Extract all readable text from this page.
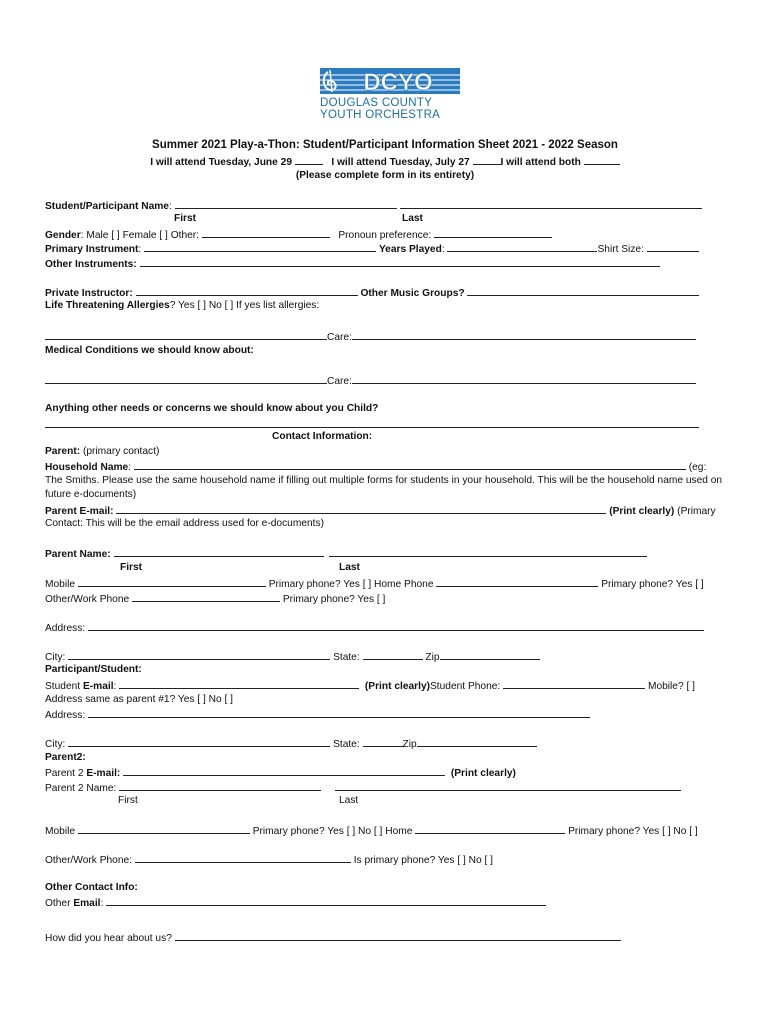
DCYO
DOUGLAS COUNTY
YOUTH ORCHESTRA
Summer 2021 Play-a-Thon: Student/Participant Information Sheet 2021 - 2022 Season
I will attend Tuesday, June 29	I will attend Tuesday, July 27	I will attend both
(Please complete form in its entirety)
Student/Participant Name:
First	Last
Gender: Male [ ] Female [ ] Other:	Pronoun preference:
Primary Instrument:	Years Played:	Shirt Size:
Other Instruments:
Private Instructor:	Other Music Groups?
Life Threatening Allergies? Yes [ ] No [ ] If yes list allergies:
Care:
Medical Conditions we should know about:
Care:
Anything other needs or concerns we should know about you Child?
Contact Information:
Parent: (primary contact)
Household Name:	(eg:
The Smiths. Please use the same household name if filling out multiple forms for students in your household. This will be the household name used on
future e-documents)
Parent E-mail:	(Print clearly) (Primary
Contact: This will be the email address used for e-documents)
Parent Name:
First	Last
Mobile	Primary phone? Yes [ ] Home Phone	Primary phone? Yes [ ]
Other/Work Phone	Primary phone? Yes [ ]
Address:
City:	State:	Zip
Participant/Student:
Student E-mail:	(Print clearly)Student Phone:	Mobile? [ ]
Address same as parent #1? Yes [ ] No [ ]
Address:
City:	State:	Zip
Parent2:
Parent 2 E-mail:	(Print clearly)
Parent 2 Name:
First	Last
Mobile	Primary phone? Yes [ ] No [ ] Home	Primary phone? Yes [ ] No [ ]
Other/Work Phone:	Is primary phone? Yes [ ] No [ ]
Other Contact Info:
Other Email:
How did you hear about us?
